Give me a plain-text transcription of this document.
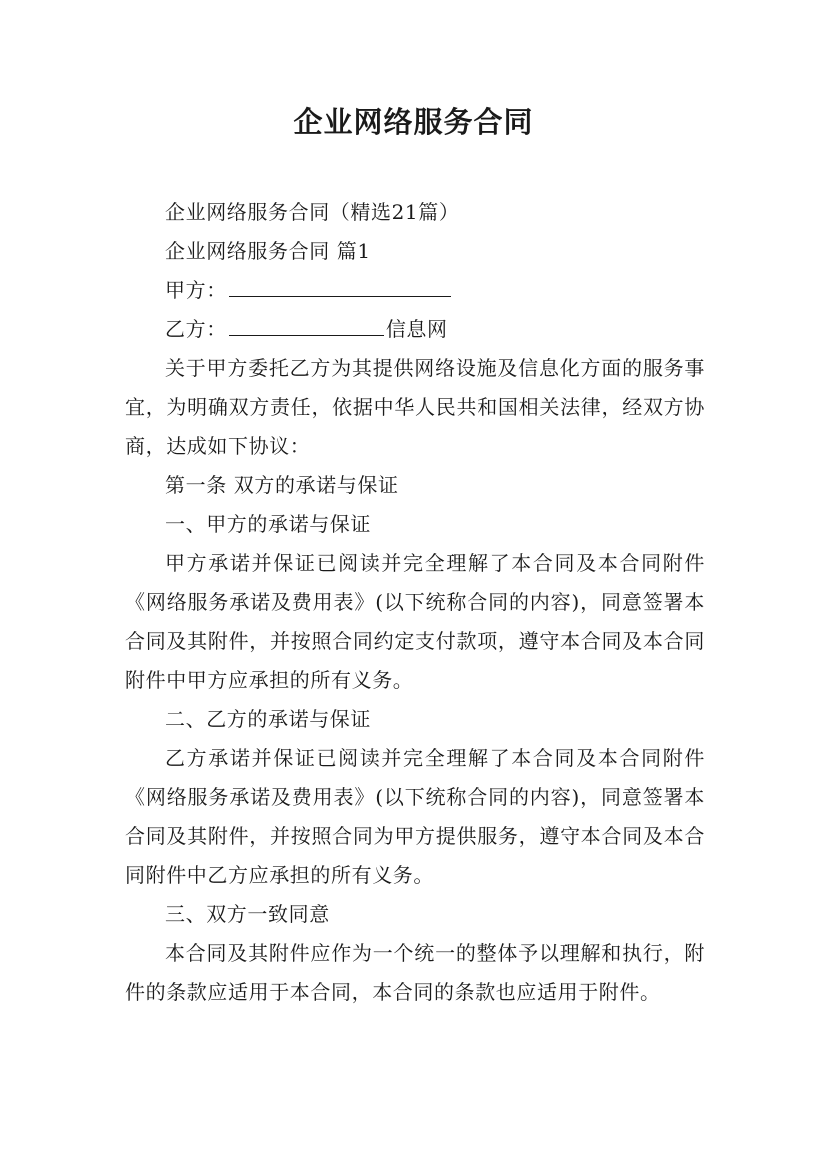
企业网络服务合同

企业网络服务合同（精选21篇）

企业网络服务合同 篇1

甲方：

乙方：	信息网

关于甲方委托乙方为其提供网络设施及信息化方面的服务事宜，为明确双方责任，依据中华人民共和国相关法律，经双方协商，达成如下协议：

第一条 双方的承诺与保证

一、甲方的承诺与保证

甲方承诺并保证已阅读并完全理解了本合同及本合同附件《网络服务承诺及费用表》(以下统称合同的内容)，同意签署本合同及其附件，并按照合同约定支付款项，遵守本合同及本合同附件中甲方应承担的所有义务。

二、乙方的承诺与保证

乙方承诺并保证已阅读并完全理解了本合同及本合同附件《网络服务承诺及费用表》(以下统称合同的内容)，同意签署本合同及其附件，并按照合同为甲方提供服务，遵守本合同及本合同附件中乙方应承担的所有义务。

三、双方一致同意

本合同及其附件应作为一个统一的整体予以理解和执行，附件的条款应适用于本合同，本合同的条款也应适用于附件。
